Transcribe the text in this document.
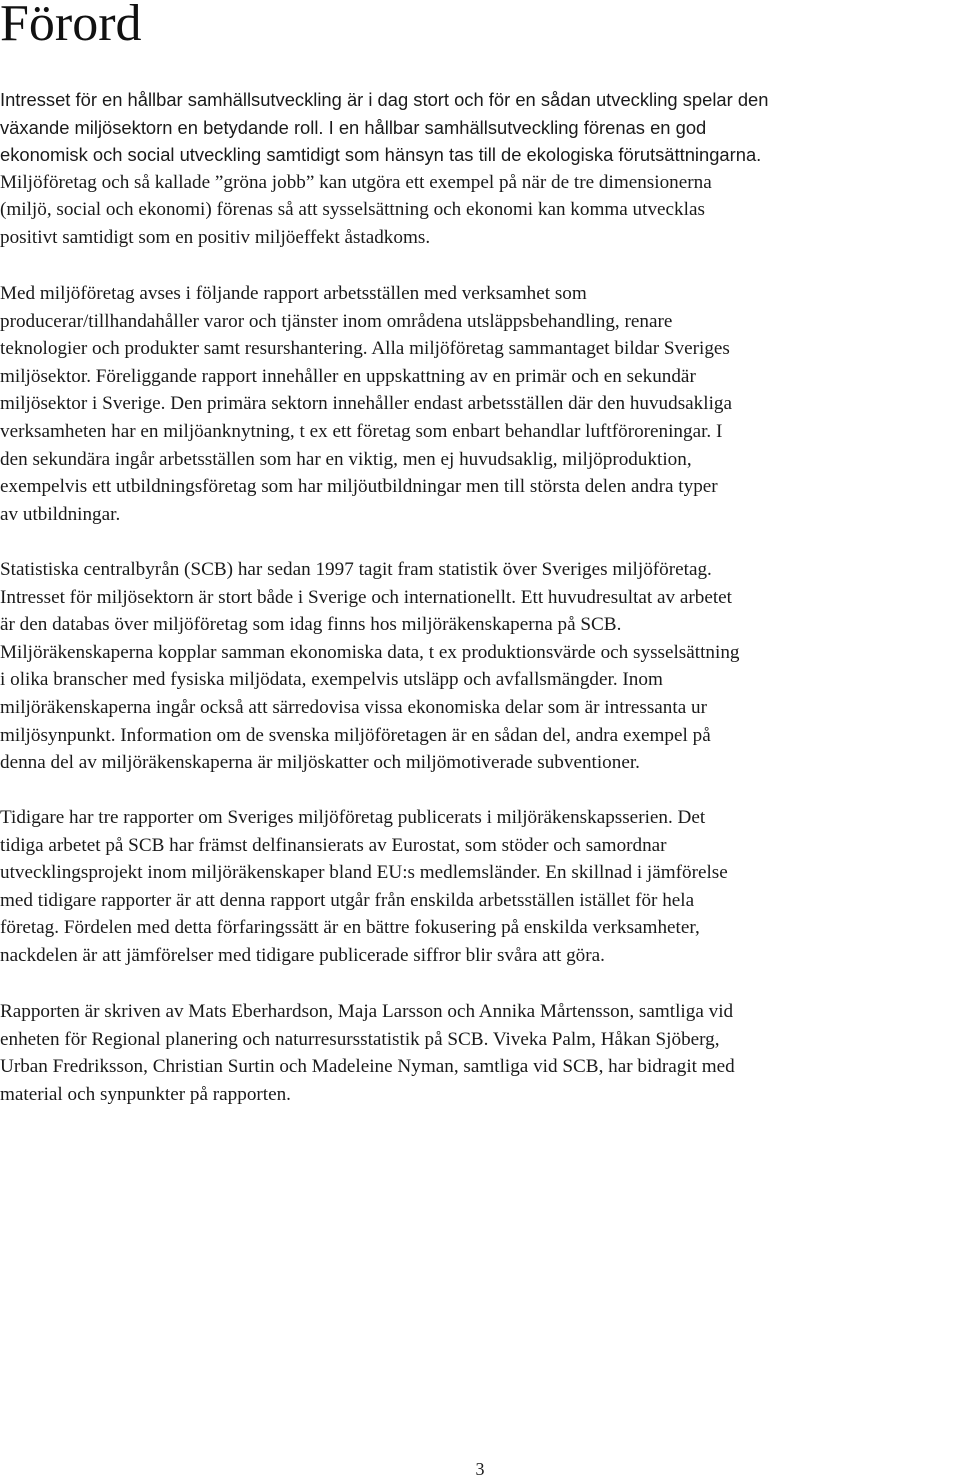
Förord
Intresset för en hållbar samhällsutveckling är i dag stort och för en sådan utveckling spelar den
växande miljösektorn en betydande roll. I en hållbar samhällsutveckling förenas en god
ekonomisk och social utveckling samtidigt som hänsyn tas till de ekologiska förutsättningarna.
Miljöföretag och så kallade ”gröna jobb” kan utgöra ett exempel på när de tre dimensionerna
(miljö, social och ekonomi) förenas så att sysselsättning och ekonomi kan komma utvecklas
positivt samtidigt som en positiv miljöeffekt åstadkoms.
Med miljöföretag avses i följande rapport arbetsställen med verksamhet som
producerar/tillhandahåller varor och tjänster inom områdena utsläppsbehandling, renare
teknologier och produkter samt resurshantering. Alla miljöföretag sammantaget bildar Sveriges
miljösektor. Föreliggande rapport innehåller en uppskattning av en primär och en sekundär
miljösektor i Sverige. Den primära sektorn innehåller endast arbetsställen där den huvudsakliga
verksamheten har en miljöanknytning, t ex ett företag som enbart behandlar luftföroreningar. I
den sekundära ingår arbetsställen som har en viktig, men ej huvudsaklig, miljöproduktion,
exempelvis ett utbildningsföretag som har miljöutbildningar men till största delen andra typer
av utbildningar.
Statistiska centralbyrån (SCB) har sedan 1997 tagit fram statistik över Sveriges miljöföretag.
Intresset för miljösektorn är stort både i Sverige och internationellt. Ett huvudresultat av arbetet
är den databas över miljöföretag som idag finns hos miljöräkenskaperna på SCB.
Miljöräkenskaperna kopplar samman ekonomiska data, t ex produktionsvärde och sysselsättning
i olika branscher med fysiska miljödata, exempelvis utsläpp och avfallsmängder. Inom
miljöräkenskaperna ingår också att särredovisa vissa ekonomiska delar som är intressanta ur
miljösynpunkt. Information om de svenska miljöföretagen är en sådan del, andra exempel på
denna del av miljöräkenskaperna är miljöskatter och miljömotiverade subventioner.
Tidigare har tre rapporter om Sveriges miljöföretag publicerats i miljöräkenskapsserien. Det
tidiga arbetet på SCB har främst delfinansierats av Eurostat, som stöder och samordnar
utvecklingsprojekt inom miljöräkenskaper bland EU:s medlemsländer. En skillnad i jämförelse
med tidigare rapporter är att denna rapport utgår från enskilda arbetsställen istället för hela
företag. Fördelen med detta förfaringssätt är en bättre fokusering på enskilda verksamheter,
nackdelen är att jämförelser med tidigare publicerade siffror blir svåra att göra.
Rapporten är skriven av Mats Eberhardson, Maja Larsson och Annika Mårtensson, samtliga vid
enheten för Regional planering och naturresursstatistik på SCB. Viveka Palm, Håkan Sjöberg,
Urban Fredriksson, Christian Surtin och Madeleine Nyman, samtliga vid SCB, har bidragit med
material och synpunkter på rapporten.
3
